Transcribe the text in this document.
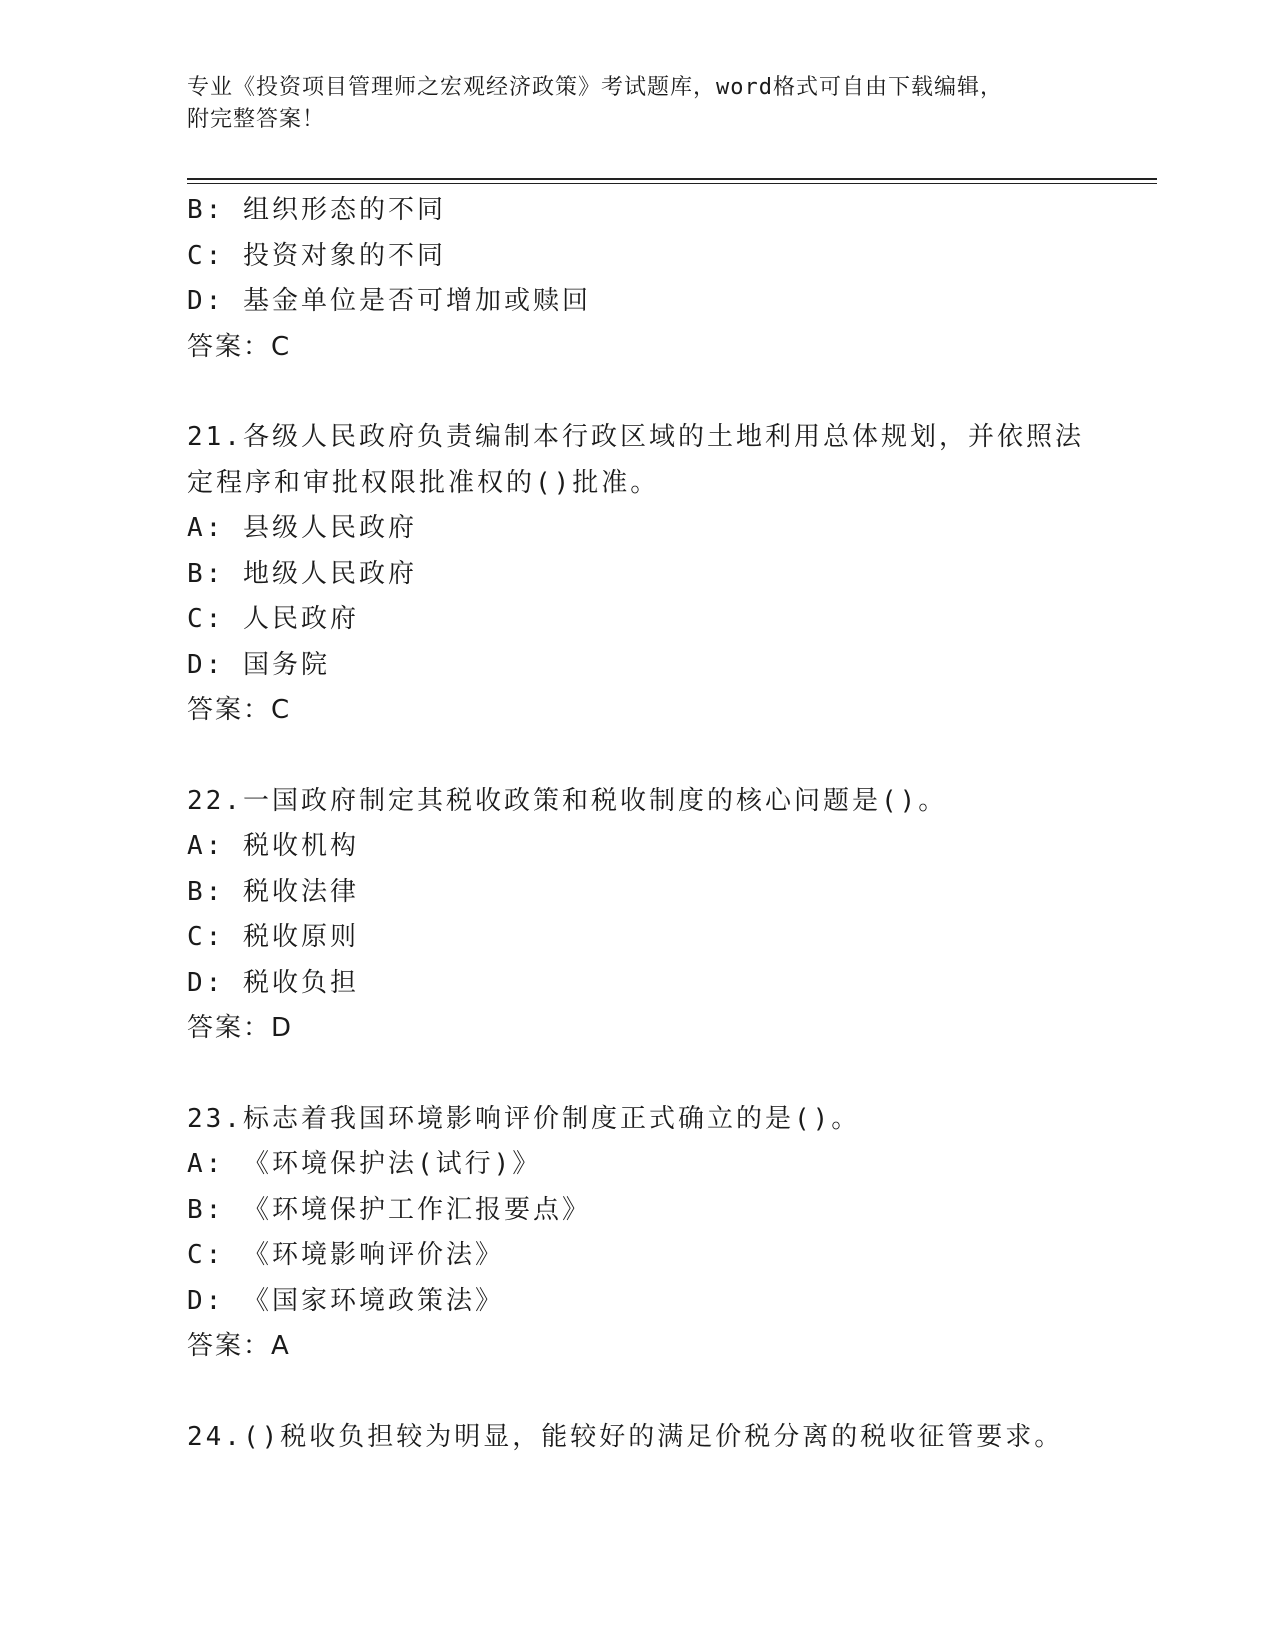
专业《投资项目管理师之宏观经济政策》考试题库，word格式可自由下载编辑，
附完整答案！
B: 组织形态的不同
C: 投资对象的不同
D: 基金单位是否可增加或赎回
答案：C
21.各级人民政府负责编制本行政区域的土地利用总体规划，并依照法
定程序和审批权限批准权的()批准。
A: 县级人民政府
B: 地级人民政府
C: 人民政府
D: 国务院
答案：C
22.一国政府制定其税收政策和税收制度的核心问题是()。
A: 税收机构
B: 税收法律
C: 税收原则
D: 税收负担
答案：D
23.标志着我国环境影响评价制度正式确立的是()。
A: 《环境保护法(试行)》
B: 《环境保护工作汇报要点》
C: 《环境影响评价法》
D: 《国家环境政策法》
答案：A
24.()税收负担较为明显，能较好的满足价税分离的税收征管要求。
